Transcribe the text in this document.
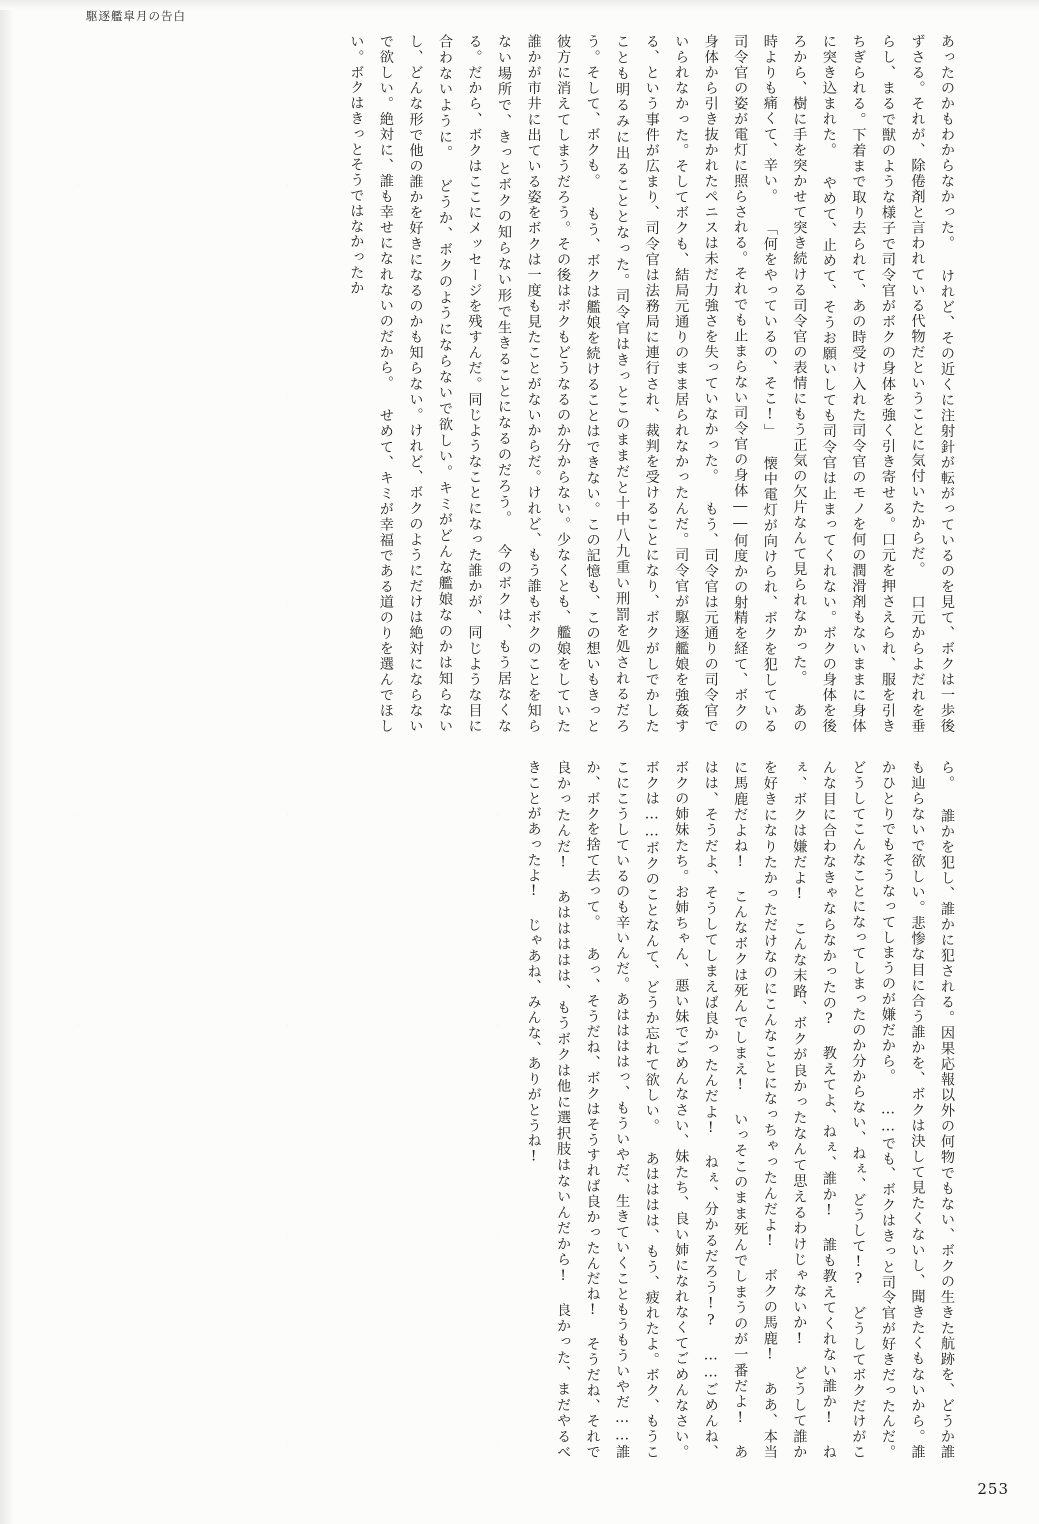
駆逐艦皐月の告白
あったのかもわからなかった。 けれど、その近くに注射針が転がっているのを見て、ボクは一歩後ずさる。それが、除倦剤と言われている代物だということに気付いたからだ。 口元からよだれを垂らし、まるで獣のような様子で司令官がボクの身体を強く引き寄せる。口元を押さえられ、服を引きちぎられる。下着まで取り去られて、あの時受け入れた司令官のモノを何の潤滑剤もないままに身体に突き込まれた。 やめて、止めて、そうお願いしても司令官は止まってくれない。ボクの身体を後ろから、樹に手を突かせて突き続ける司令官の表情にもう正気の欠片なんて見られなかった。 あの時よりも痛くて、辛い。 「何をやっているの、そこ!」 懐中電灯が向けられ、ボクを犯している司令官の姿が電灯に照らされる。それでも止まらない司令官の身体――何度かの射精を経て、ボクの身体から引き抜かれたペニスは未だ力強さを失っていなかった。 もう、司令官は元通りの司令官でいられなかった。そしてボクも、結局元通りのまま居られなかったんだ。司令官が駆逐艦娘を強姦する、という事件が広まり、司令官は法務局に連行され、裁判を受けることになり、ボクがしでかしたことも明るみに出ることとなった。司令官はきっとこのままだと十中八九重い刑罰を処されるだろう。そして、ボクも。 もう、ボクは艦娘を続けることはできない。この記憶も、この想いもきっと彼方に消えてしまうだろう。その後はボクもどうなるのか分からない。少なくとも、艦娘をしていた誰かが市井に出ている姿をボクは一度も見たことがないからだ。けれど、もう誰もボクのことを知らない場所で、きっとボクの知らない形で生きることになるのだろう。 今のボクは、もう居なくなる。だから、ボクはここにメッセージを残すんだ。同じようなことになった誰かが、同じような目に合わないように。 どうか、ボクのようにならないで欲しい。キミがどんな艦娘なのかは知らないし、どんな形で他の誰かを好きになるのかも知らない。けれど、ボクのようにだけは絶対にならないで欲しい。絶対に、誰も幸せになれないのだから。 せめて、キミが幸福である道のりを選んでほしい。ボクはきっとそうではなかったか
ら。 誰かを犯し、誰かに犯される。因果応報以外の何物でもない、ボクの生きた航跡を、どうか誰も辿らないで欲しい。悲惨な目に合う誰かを、ボクは決して見たくないし、聞きたくもないから。誰かひとりでもそうなってしまうのが嫌だから。 ……でも、ボクはきっと司令官が好きだったんだ。 どうしてこんなことになってしまったのか分からない、ねぇ、どうして!? どうしてボクだけがこんな目に合わなきゃならなかったの? 教えてよ、ねぇ、誰か! 誰も教えてくれない誰か! ねぇ、ボクは嫌だよ! こんな末路、ボクが良かったなんて思えるわけじゃないか! どうして誰かを好きになりたかっただけなのにこんなことになっちゃったんだよ! ボクの馬鹿! ああ、本当に馬鹿だよね! こんなボクは死んでしまえ! いっそこのまま死んでしまうのが一番だよ! あはは、そうだよ、そうしてしまえば良かったんだよ! ねぇ、分かるだろう!? ……ごめんね、ボクの姉妹たち。お姉ちゃん、悪い妹でごめんなさい、妹たち、良い姉になれなくてごめんなさい。ボクは……ボクのことなんて、どうか忘れて欲しい。 あはははは、もう、疲れたよ。ボク、もうここにこうしているのも辛いんだ。あははははっ、もういやだ、生きていくこともうもういやだ……誰か、ボクを捨て去って。 あっ、そうだね、ボクはそうすれば良かったんだね! そうだね、それで良かったんだ! あははははは、もうボクは他に選択肢はないんだから! 良かった、まだやるべきことがあったよ! じゃあね、みんな、ありがとうね!
253
